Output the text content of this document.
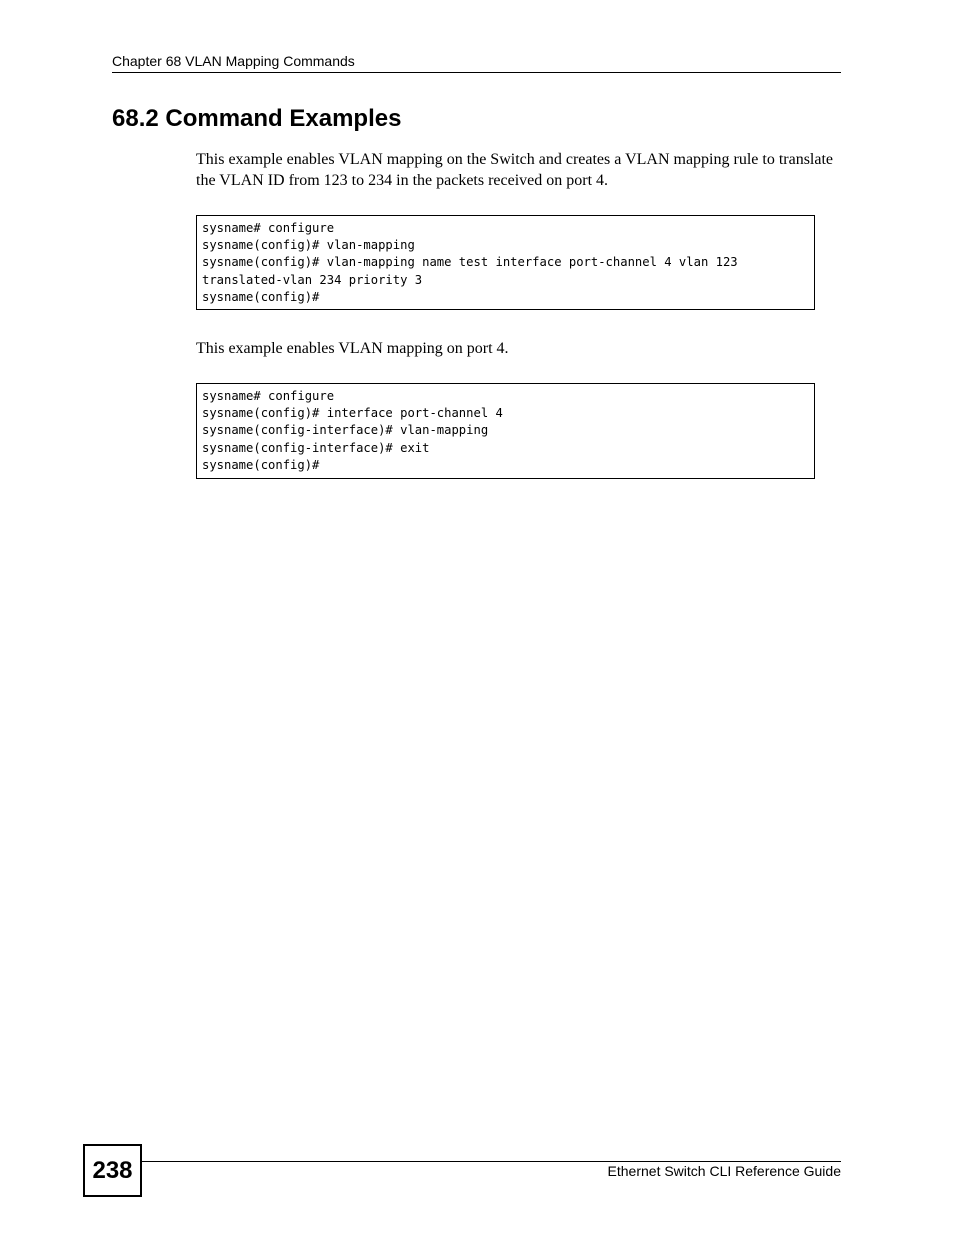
Chapter 68 VLAN Mapping Commands
68.2 Command Examples

This example enables VLAN mapping on the Switch and creates a VLAN mapping rule to translate the VLAN ID from 123 to 234 in the packets received on port 4.

sysname# configure
sysname(config)# vlan-mapping
sysname(config)# vlan-mapping name test interface port-channel 4 vlan 123
translated-vlan 234 priority 3
sysname(config)#

This example enables VLAN mapping on port 4.

sysname# configure
sysname(config)# interface port-channel 4
sysname(config-interface)# vlan-mapping
sysname(config-interface)# exit
sysname(config)#
238	Ethernet Switch CLI Reference Guide
